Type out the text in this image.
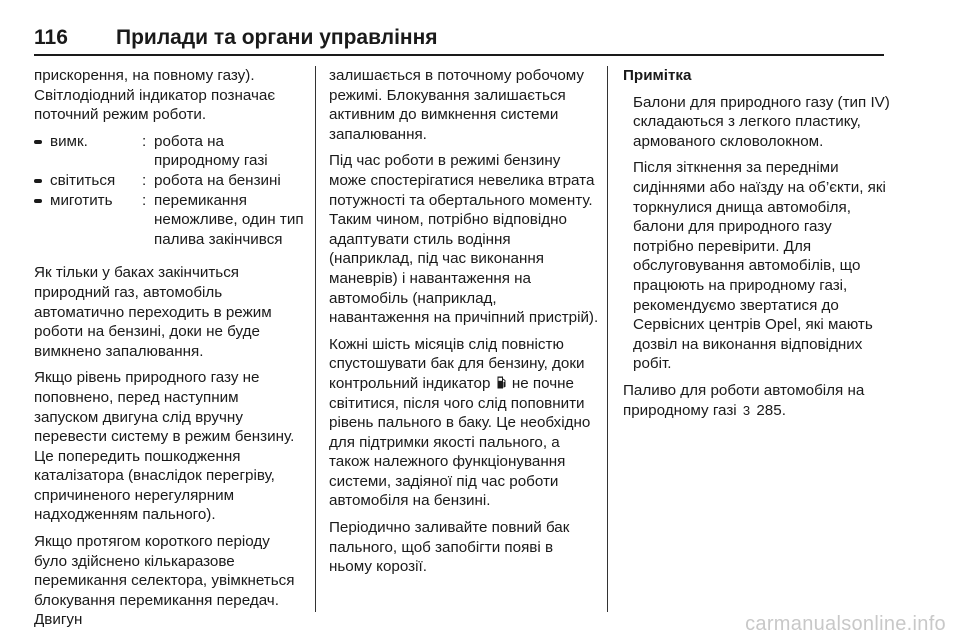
116 Прилади та органи управління

прискорення, на повному газу). Світлодіодний індикатор позначає поточний режим роботи.

вимк.	: робота на природному газі
світиться	: робота на бензині
миготить	: перемикання неможливе, один тип палива закінчився

Як тільки у баках закінчиться природний газ, автомобіль автоматично переходить в режим роботи на бензині, доки не буде вимкнено запалювання.

Якщо рівень природного газу не поповнено, перед наступним запуском двигуна слід вручну перевести систему в режим бензину. Це попередить пошкодження каталізатора (внаслідок перегріву, спричиненого нерегулярним надходженням пального).

Якщо протягом короткого періоду було здійснено кількаразове перемикання селектора, увімкнеться блокування перемикання передач. Двигун

залишається в поточному робочому режимі. Блокування залишається активним до вимкнення системи запалювання.

Під час роботи в режимі бензину може спостерігатися невелика втрата потужності та обертального моменту. Таким чином, потрібно відповідно адаптувати стиль водіння (наприклад, під час виконання маневрів) і навантаження на автомобіль (наприклад, навантаження на причіпний пристрій).

Кожні шість місяців слід повністю спустошувати бак для бензину, доки контрольний індикатор не почне світитися, після чого слід поповнити рівень пального в баку. Це необхідно для підтримки якості пального, а також належного функціонування системи, задіяної під час роботи автомобіля на бензині.

Періодично заливайте повний бак пального, щоб запобігти появі в ньому корозії.

Примітка

Балони для природного газу (тип IV) складаються з легкого пластику, армованого скловолокном.

Після зіткнення за передніми сидіннями або наїзду на об’єкти, які торкнулися днища автомобіля, балони для природного газу потрібно перевірити. Для обслуговування автомобілів, що працюють на природному газі, рекомендуємо звертатися до Сервісних центрів Opel, які мають дозвіл на виконання відповідних робіт.

Паливо для роботи автомобіля на природному газі 3 285.

carmanualsonline.info
